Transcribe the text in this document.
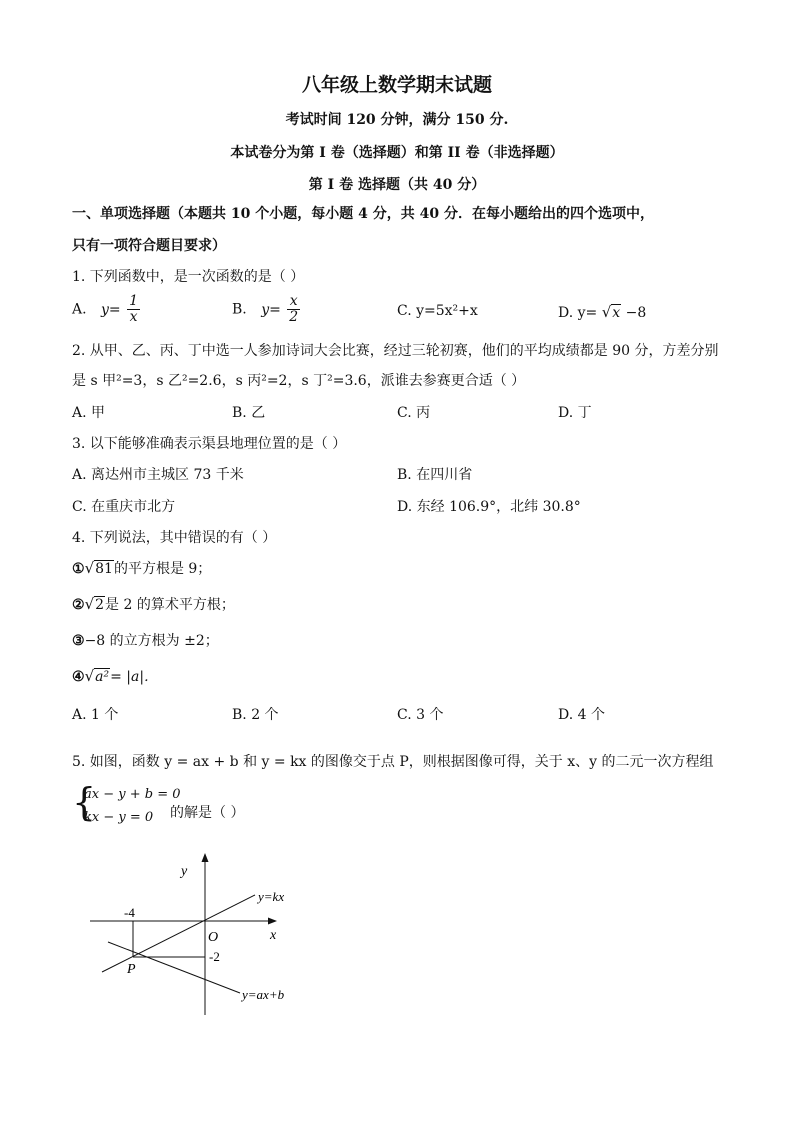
八年级上数学期末试题
考试时间 120 分钟，满分 150 分.
本试卷分为第 I 卷（选择题）和第 II 卷（非选择题）
第 I 卷 选择题（共 40 分）
一、单项选择题（本题共 10 个小题，每小题 4 分，共 40 分．在每小题给出的四个选项中，
只有一项符合题目要求）
1. 下列函数中，是一次函数的是（ ）
A. $y= \frac{1}{x}$	B. $y= \frac{x}{2}$	C. y=5x²+x	D. y= √x −8
2. 从甲、乙、丙、丁中选一人参加诗词大会比赛，经过三轮初赛，他们的平均成绩都是 90 分，方差分别
是 s 甲²=3，s 乙²=2.6，s 丙²=2，s 丁²=3.6，派谁去参赛更合适（ ）
A. 甲	B. 乙	C. 丙	D. 丁
3. 以下能够准确表示渠县地理位置的是（ ）
A. 离达州市主城区 73 千米	B. 在四川省
C. 在重庆市北方	D. 东经 106.9°，北纬 30.8°
4. 下列说法，其中错误的有（ ）
①√81的平方根是 9；
②√2是 2 的算术平方根；
③−8 的立方根为 ±2；
④√a²= |a|．
A. 1 个	B. 2 个	C. 3 个	D. 4 个
5. 如图，函数 y = ax + b 和 y = kx 的图像交于点 P，则根据图像可得，关于 x、y 的二元一次方程组
{
ax − y + b = 0
kx − y = 0 的解是（ ）
y
x
O
y=kx
y=ax+b
-4
-2
P
